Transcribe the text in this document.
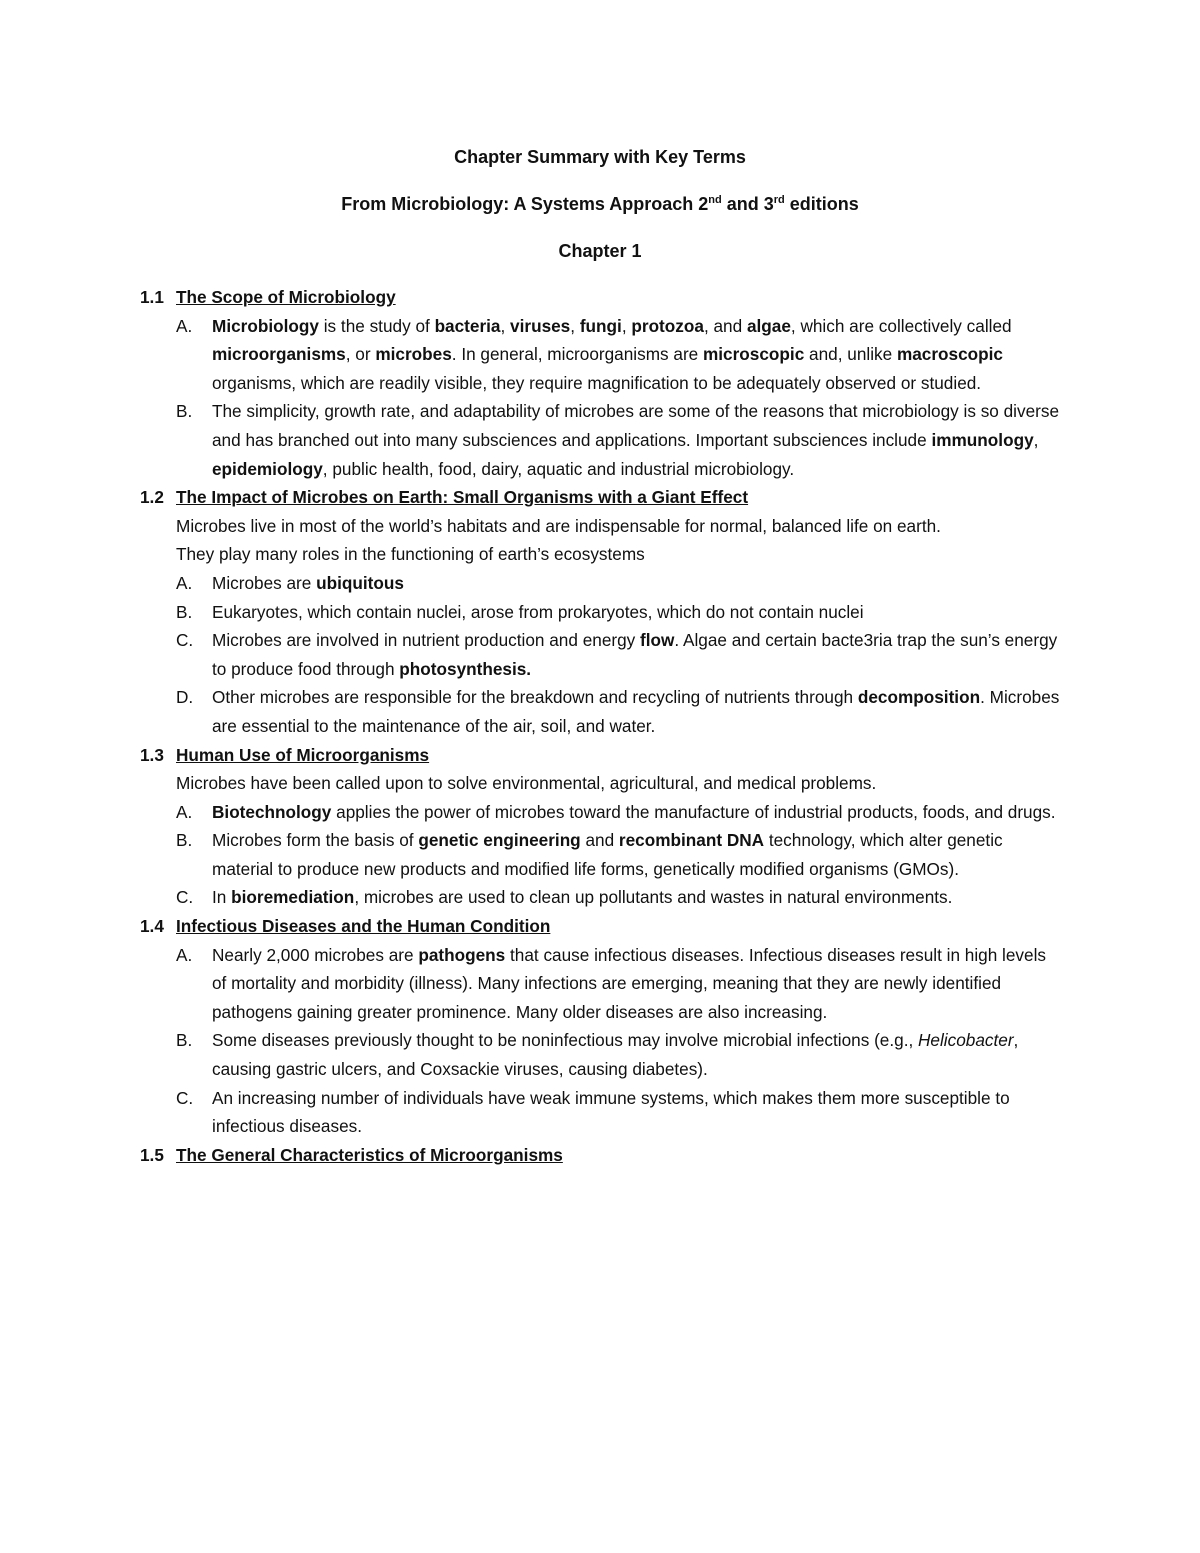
Chapter Summary with Key Terms
From Microbiology: A Systems Approach 2nd and 3rd editions
Chapter 1
1.1 The Scope of Microbiology
A.	Microbiology is the study of bacteria, viruses, fungi, protozoa, and algae, which are collectively called microorganisms, or microbes. In general, microorganisms are microscopic and, unlike macroscopic organisms, which are readily visible, they require magnification to be adequately observed or studied.
B.	The simplicity, growth rate, and adaptability of microbes are some of the reasons that microbiology is so diverse and has branched out into many subsciences and applications. Important subsciences include immunology, epidemiology, public health, food, dairy, aquatic and industrial microbiology.
1.2 The Impact of Microbes on Earth: Small Organisms with a Giant Effect
Microbes live in most of the world’s habitats and are indispensable for normal, balanced life on earth.
They play many roles in the functioning of earth’s ecosystems
A.	Microbes are ubiquitous
B.	Eukaryotes, which contain nuclei, arose from prokaryotes, which do not contain nuclei
C.	Microbes are involved in nutrient production and energy flow. Algae and certain bacte3ria trap the sun’s energy to produce food through photosynthesis.
D.	Other microbes are responsible for the breakdown and recycling of nutrients through decomposition. Microbes are essential to the maintenance of the air, soil, and water.
1.3 Human Use of Microorganisms
Microbes have been called upon to solve environmental, agricultural, and medical problems.
A.	Biotechnology applies the power of microbes toward the manufacture of industrial products, foods, and drugs.
B.	Microbes form the basis of genetic engineering and recombinant DNA technology, which alter genetic material to produce new products and modified life forms, genetically modified organisms (GMOs).
C.	In bioremediation, microbes are used to clean up pollutants and wastes in natural environments.
1.4 Infectious Diseases and the Human Condition
A.	Nearly 2,000 microbes are pathogens that cause infectious diseases. Infectious diseases result in high levels of mortality and morbidity (illness). Many infections are emerging, meaning that they are newly identified pathogens gaining greater prominence. Many older diseases are also increasing.
B.	Some diseases previously thought to be noninfectious may involve microbial infections (e.g., Helicobacter, causing gastric ulcers, and Coxsackie viruses, causing diabetes).
C.	An increasing number of individuals have weak immune systems, which makes them more susceptible to infectious diseases.
1.5 The General Characteristics of Microorganisms
